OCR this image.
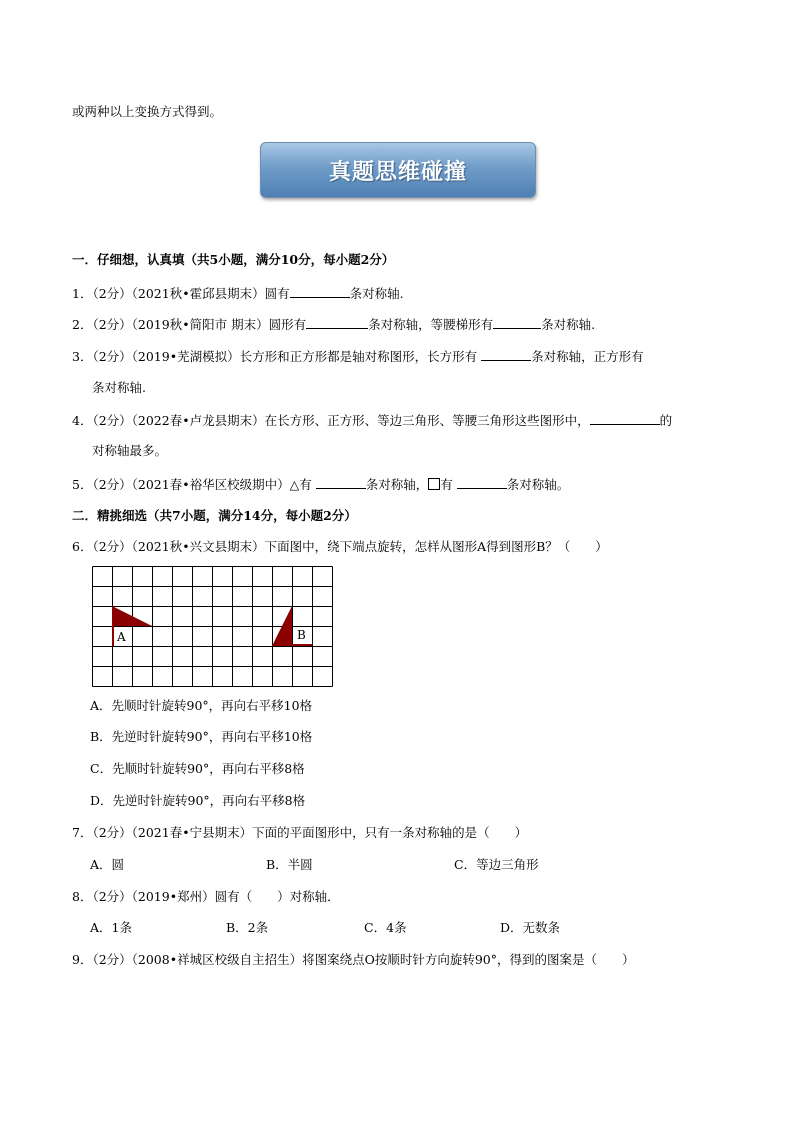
或两种以上变换方式得到。
真题思维碰撞
一．仔细想，认真填（共5小题，满分10分，每小题2分）
1．（2分）（2021秋•霍邱县期末）圆有	条对称轴.
2．（2分）（2019秋•简阳市 期末）圆形有	条对称轴，等腰梯形有	条对称轴.
3．（2分）（2019•芜湖模拟）长方形和正方形都是轴对称图形，长方形有	条对称轴，正方形有
条对称轴.
4．（2分）（2022春•卢龙县期末）在长方形、正方形、等边三角形、等腰三角形这些图形中，	的
对称轴最多。
5．（2分）（2021春•裕华区校级期中）△有	条对称轴， 有	条对称轴。
二．精挑细选（共7小题，满分14分，每小题2分）
6．（2分）（2021秋•兴文县期末）下面图中，绕下端点旋转，怎样从图形A得到图形B？（　　）
A	B
A．先顺时针旋转90°，再向右平移10格
B．先逆时针旋转90°，再向右平移10格
C．先顺时针旋转90°，再向右平移8格
D．先逆时针旋转90°，再向右平移8格
7．（2分）（2021春•宁县期末）下面的平面图形中，只有一条对称轴的是（　　）
A．圆	B．半圆	C．等边三角形
8．（2分）（2019•郑州）圆有（　　）对称轴．
A．1条	B．2条	C．4条	D．无数条
9．（2分）（2008•祥城区校级自主招生）将图案绕点O按顺时针方向旋转90°，得到的图案是（　　）
